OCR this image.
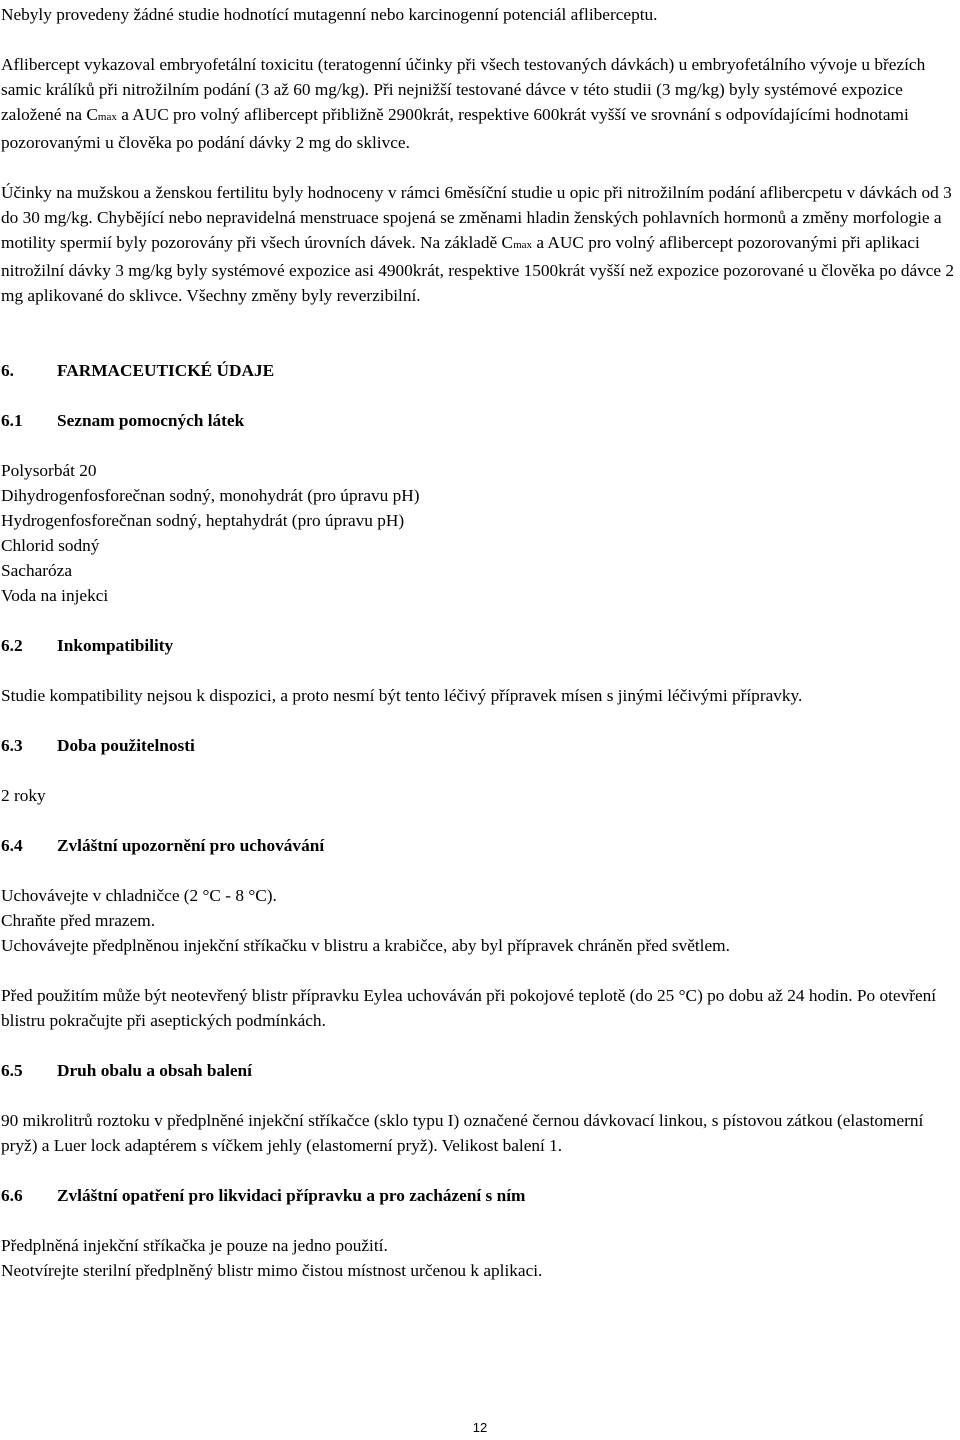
Nebyly provedeny žádné studie hodnotící mutagenní nebo karcinogenní potenciál afliberceptu.

Aflibercept vykazoval embryofetální toxicitu (teratogenní účinky při všech testovaných dávkách) u embryofetálního vývoje u březích samic králíků při nitrožilním podání (3 až 60 mg/kg). Při nejnižší testované dávce v této studii (3 mg/kg) byly systémové expozice založené na Cmax a AUC pro volný aflibercept přibližně 2900krát, respektive 600krát vyšší ve srovnání s odpovídajícími hodnotami pozorovanými u člověka po podání dávky 2 mg do sklivce.

Účinky na mužskou a ženskou fertilitu byly hodnoceny v rámci 6měsíční studie u opic při nitrožilním podání aflibercpetu v dávkách od 3 do 30 mg/kg. Chybějící nebo nepravidelná menstruace spojená se změnami hladin ženských pohlavních hormonů a změny morfologie a motility spermií byly pozorovány při všech úrovních dávek. Na základě Cmax a AUC pro volný aflibercept pozorovanými při aplikaci nitrožilní dávky 3 mg/kg byly systémové expozice asi 4900krát, respektive 1500krát vyšší než expozice pozorované u člověka po dávce 2 mg aplikované do sklivce. Všechny změny byly reverzibilní.

6.	FARMACEUTICKÉ ÚDAJE
6.1	Seznam pomocných látek

Polysorbát 20

Dihydrogenfosforečnan sodný, monohydrát (pro úpravu pH)

Hydrogenfosforečnan sodný, heptahydrát (pro úpravu pH)

Chlorid sodný

Sacharóza

Voda na injekci

6.2	Inkompatibility

Studie kompatibility nejsou k dispozici, a proto nesmí být tento léčivý přípravek mísen s jinými léčivými přípravky.

6.3	Doba použitelnosti

2 roky

6.4	Zvláštní upozornění pro uchovávání

Uchovávejte v chladničce (2 °C - 8 °C).

Chraňte před mrazem.

Uchovávejte předplněnou injekční stříkačku v blistru a krabičce, aby byl přípravek chráněn před světlem.

Před použitím může být neotevřený blistr přípravku Eylea uchováván při pokojové teplotě (do 25 °C) po dobu až 24 hodin. Po otevření blistru pokračujte při aseptických podmínkách.

6.5	Druh obalu a obsah balení

90 mikrolitrů roztoku v předplněné injekční stříkačce (sklo typu I) označené černou dávkovací linkou, s pístovou zátkou (elastomerní pryž) a Luer lock adaptérem s víčkem jehly (elastomerní pryž). Velikost balení 1.

6.6	Zvláštní opatření pro likvidaci přípravku a pro zacházení s ním

Předplněná injekční stříkačka je pouze na jedno použití.

Neotvírejte sterilní předplněný blistr mimo čistou místnost určenou k aplikaci.

12
